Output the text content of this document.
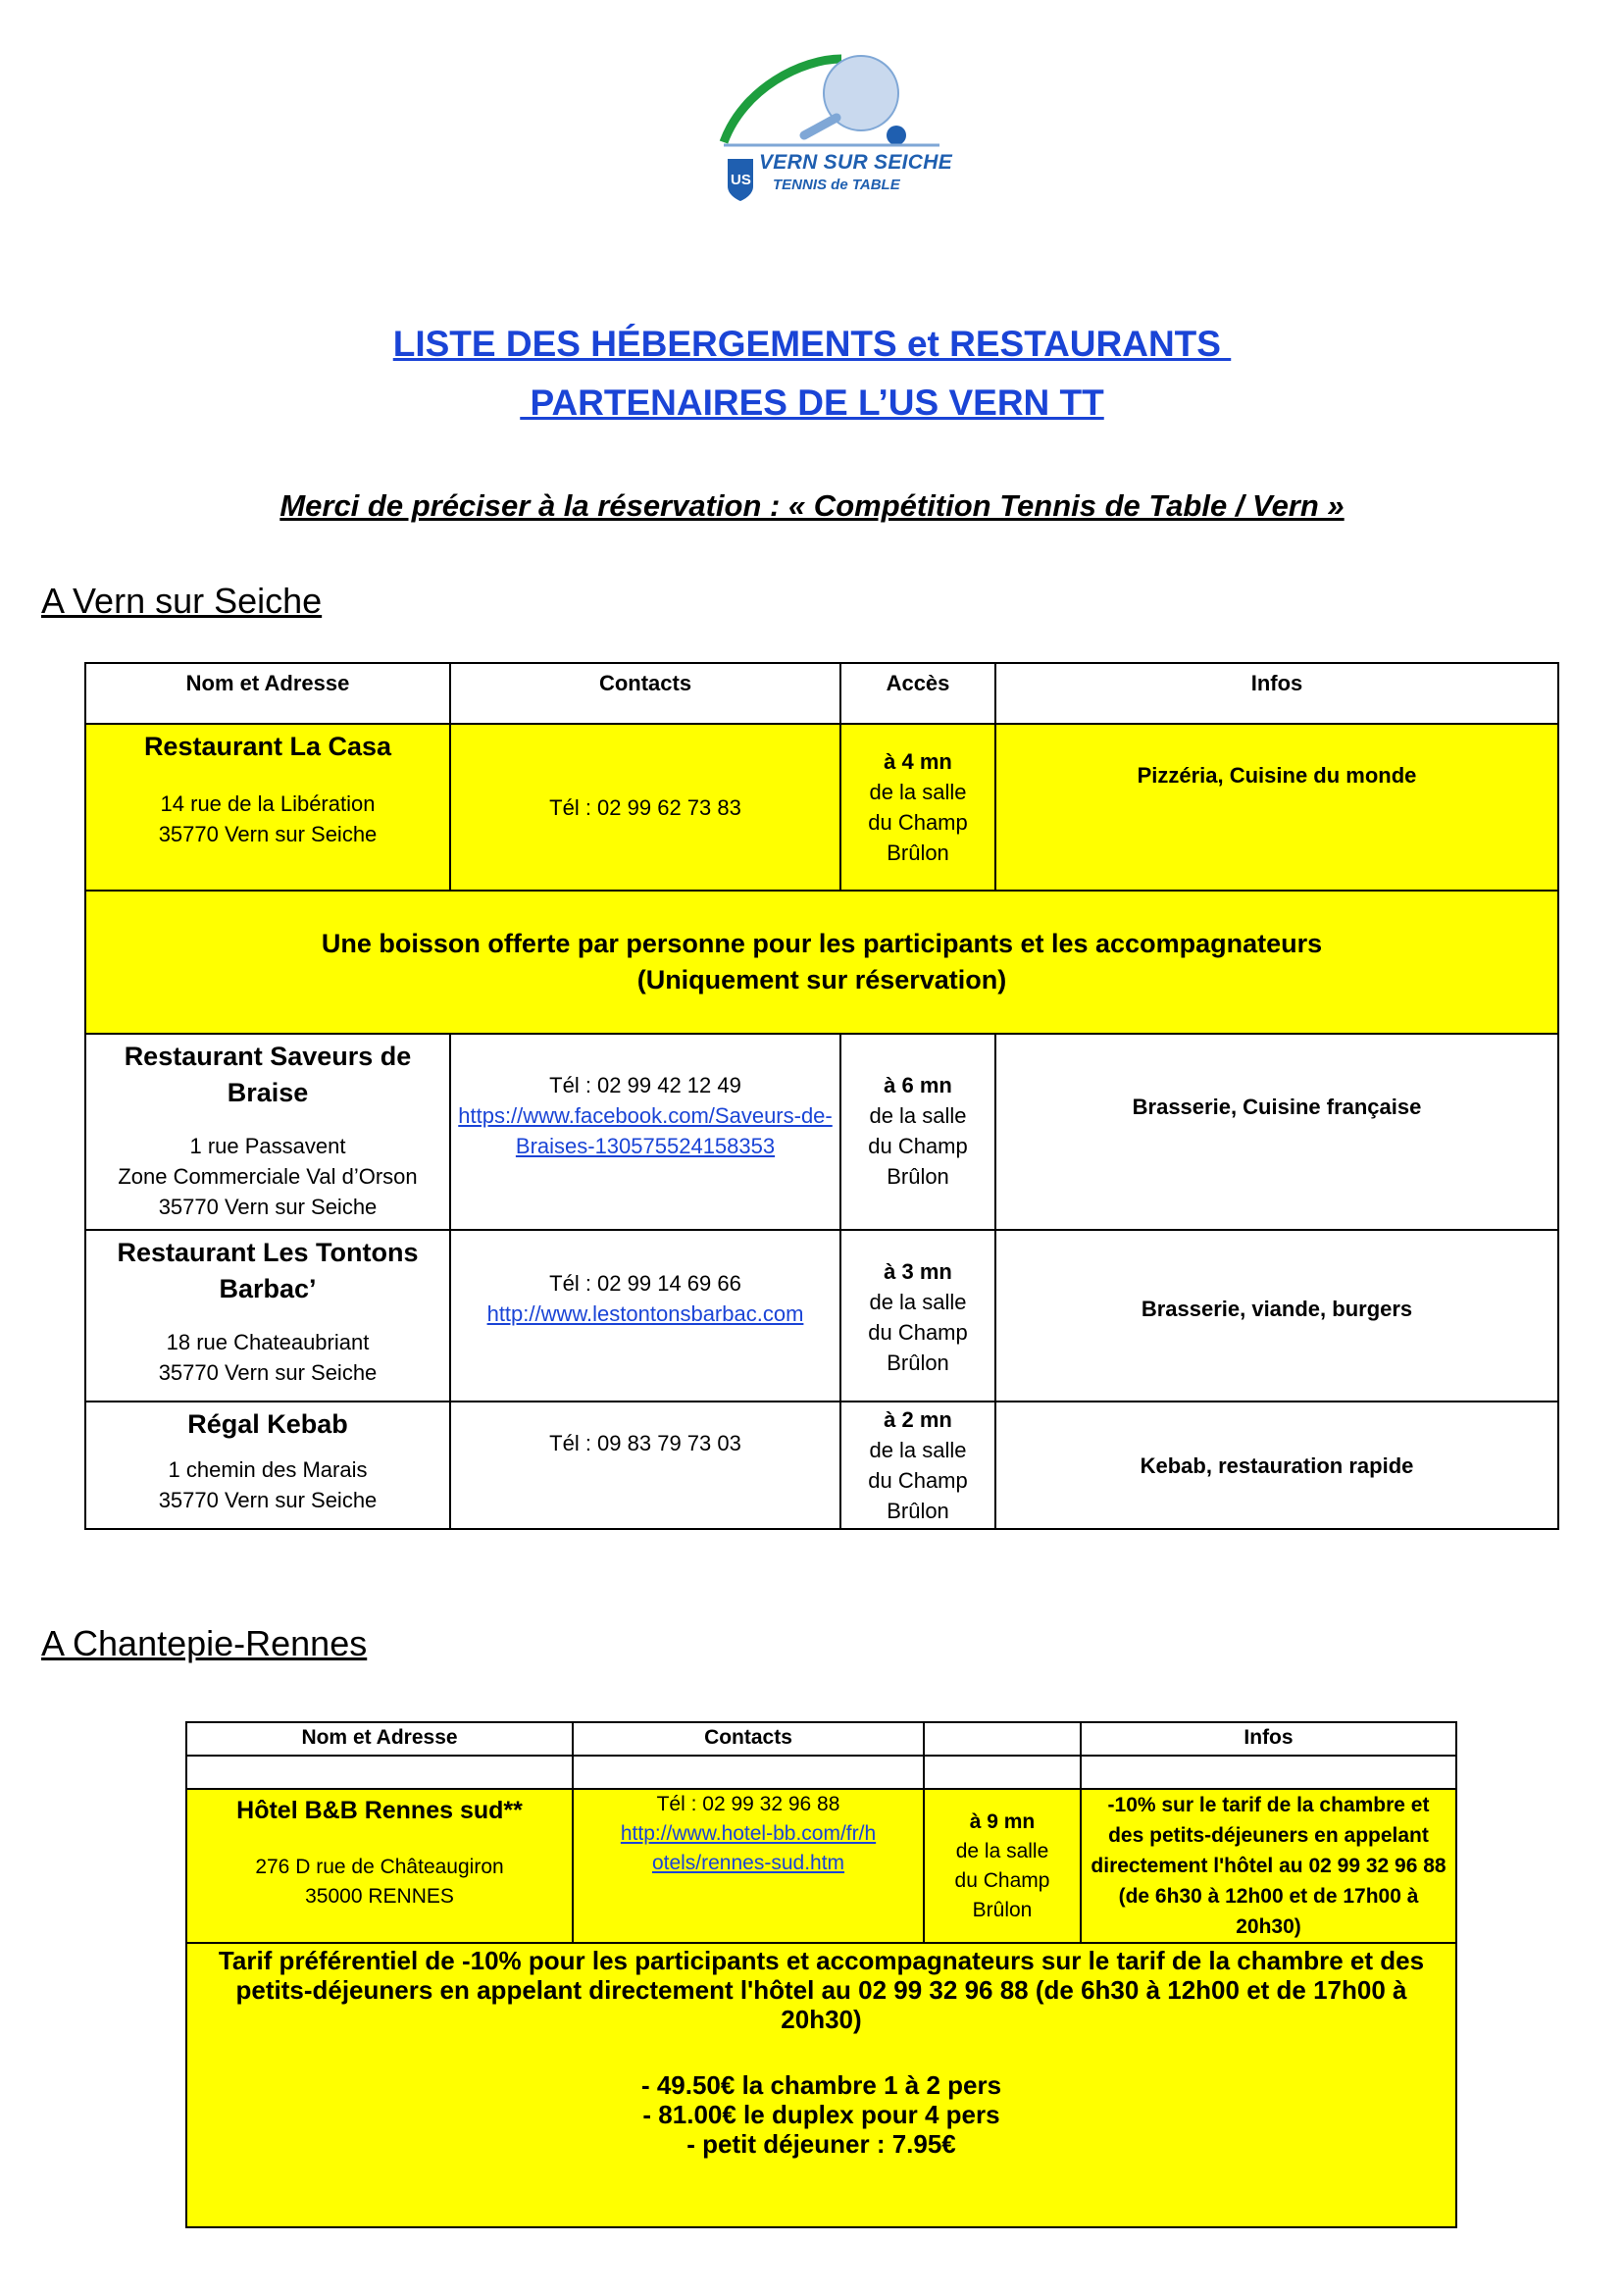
US
VERN SUR SEICHE
TENNIS de TABLE
LISTE DES HÉBERGEMENTS et RESTAURANTS
PARTENAIRES DE L’US VERN TT
Merci de préciser à la réservation : « Compétition Tennis de Table / Vern »
A Vern sur Seiche
Nom et Adresse	Contacts	Accès	Infos

Restaurant La Casa
14 rue de la Libération
35770 Vern sur Seiche	Tél : 02 99 62 73 83	à 4 mn
de la salle
du Champ
Brûlon	Pizzéria, Cuisine du monde

Une boisson offerte par personne pour les participants et les accompagnateurs
(Uniquement sur réservation)			

Restaurant Saveurs de Braise
1 rue Passavent
Zone Commerciale Val d’Orson
35770 Vern sur Seiche	Tél : 02 99 42 12 49
https://www.facebook.com/Saveurs-de-Braises-130575524158353	à 6 mn
de la salle
du Champ
Brûlon	Brasserie, Cuisine française

Restaurant Les Tontons Barbac’
18 rue Chateaubriant
35770 Vern sur Seiche	Tél : 02 99 14 69 66
http://www.lestontonsbarbac.com	à 3 mn
de la salle
du Champ
Brûlon	Brasserie, viande, burgers

Régal Kebab
1 chemin des Marais
35770 Vern sur Seiche	Tél : 09 83 79 73 03	à 2 mn
de la salle
du Champ
Brûlon	Kebab, restauration rapide
A Chantepie-Rennes
Nom et Adresse	Contacts		Infos

Hôtel B&B Rennes sud**
276 D rue de Châteaugiron
35000 RENNES	Tél : 02 99 32 96 88
http://www.hotel-bb.com/fr/hotels/rennes-sud.htm	à 9 mn
de la salle
du Champ
Brûlon	-10% sur le tarif de la chambre et des petits-déjeuners en appelant directement l'hôtel au 02 99 32 96 88 (de 6h30 à 12h00 et de 17h00 à 20h30)

Tarif préférentiel de -10% pour les participants et accompagnateurs sur le tarif de la chambre et des petits-déjeuners en appelant directement l'hôtel au 02 99 32 96 88 (de 6h30 à 12h00 et de 17h00 à 20h30)
- 49.50€ la chambre 1 à 2 pers
- 81.00€ le duplex pour 4 pers
- petit déjeuner : 7.95€			
